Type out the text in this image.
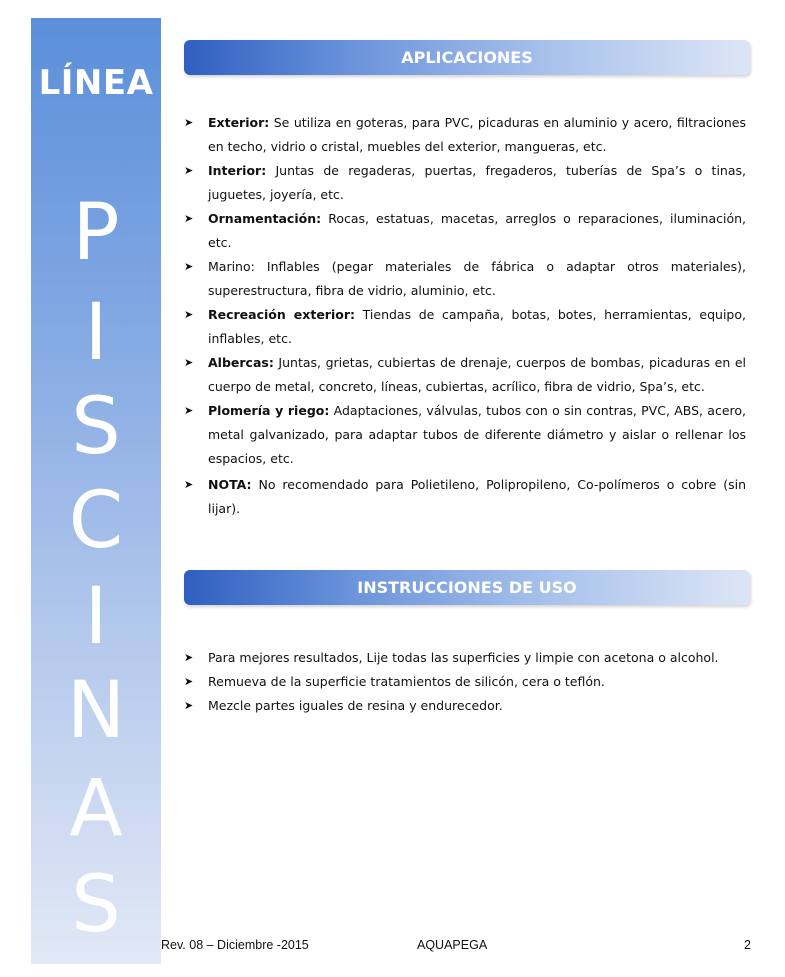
LÍNEA
P
I
S
C
I
N
A
S
APLICACIONES
➤ Exterior: Se utiliza en goteras, para PVC, picaduras en aluminio y acero, filtraciones en techo, vidrio o cristal, muebles del exterior, mangueras, etc.
➤ Interior: Juntas de regaderas, puertas, fregaderos, tuberías de Spa’s o tinas, juguetes, joyería, etc.
➤ Ornamentación: Rocas, estatuas, macetas, arreglos o reparaciones, iluminación, etc.
➤ Marino: Inflables (pegar materiales de fábrica o adaptar otros materiales), superestructura, fibra de vidrio, aluminio, etc.
➤ Recreación exterior: Tiendas de campaña, botas, botes, herramientas, equipo, inflables, etc.
➤ Albercas: Juntas, grietas, cubiertas de drenaje, cuerpos de bombas, picaduras en el cuerpo de metal, concreto, líneas, cubiertas, acrílico, fibra de vidrio, Spa’s, etc.
➤ Plomería y riego: Adaptaciones, válvulas, tubos con o sin contras, PVC, ABS, acero, metal galvanizado, para adaptar tubos de diferente diámetro y aislar o rellenar los espacios, etc.
➤ NOTA: No recomendado para Polietileno, Polipropileno, Co-polímeros o cobre (sin lijar).
INSTRUCCIONES DE USO
➤ Para mejores resultados, Lije todas las superficies y limpie con acetona o alcohol.
➤ Remueva de la superficie tratamientos de silicón, cera o teflón.
➤ Mezcle partes iguales de resina y endurecedor.
Rev. 08 – Diciembre -2015	AQUAPEGA	2
